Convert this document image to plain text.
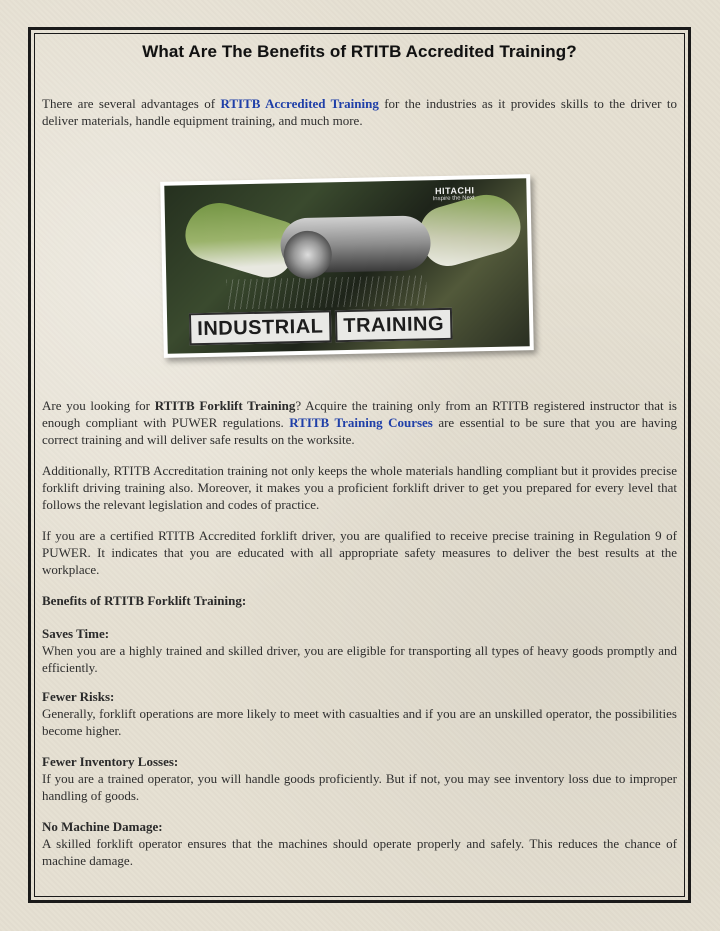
What Are The Benefits of RTITB Accredited Training?

There are several advantages of RTITB Accredited Training for the industries as it provides skills to the driver to deliver materials, handle equipment training, and much more.

HITACHI
Inspire the Next
INDUSTRIAL TRAINING

Are you looking for RTITB Forklift Training? Acquire the training only from an RTITB registered instructor that is enough compliant with PUWER regulations. RTITB Training Courses are essential to be sure that you are having correct training and will deliver safe results on the worksite.

Additionally, RTITB Accreditation training not only keeps the whole materials handling compliant but it provides precise forklift driving training also. Moreover, it makes you a proficient forklift driver to get you prepared for every level that follows the relevant legislation and codes of practice.

If you are a certified RTITB Accredited forklift driver, you are qualified to receive precise training in Regulation 9 of PUWER. It indicates that you are educated with all appropriate safety measures to deliver the best results at the workplace.

Benefits of RTITB Forklift Training:

Saves Time:
When you are a highly trained and skilled driver, you are eligible for transporting all types of heavy goods promptly and efficiently.

Fewer Risks:
Generally, forklift operations are more likely to meet with casualties and if you are an unskilled operator, the possibilities become higher.

Fewer Inventory Losses:
If you are a trained operator, you will handle goods proficiently. But if not, you may see inventory loss due to improper handling of goods.

No Machine Damage:
A skilled forklift operator ensures that the machines should operate properly and safely. This reduces the chance of machine damage.
